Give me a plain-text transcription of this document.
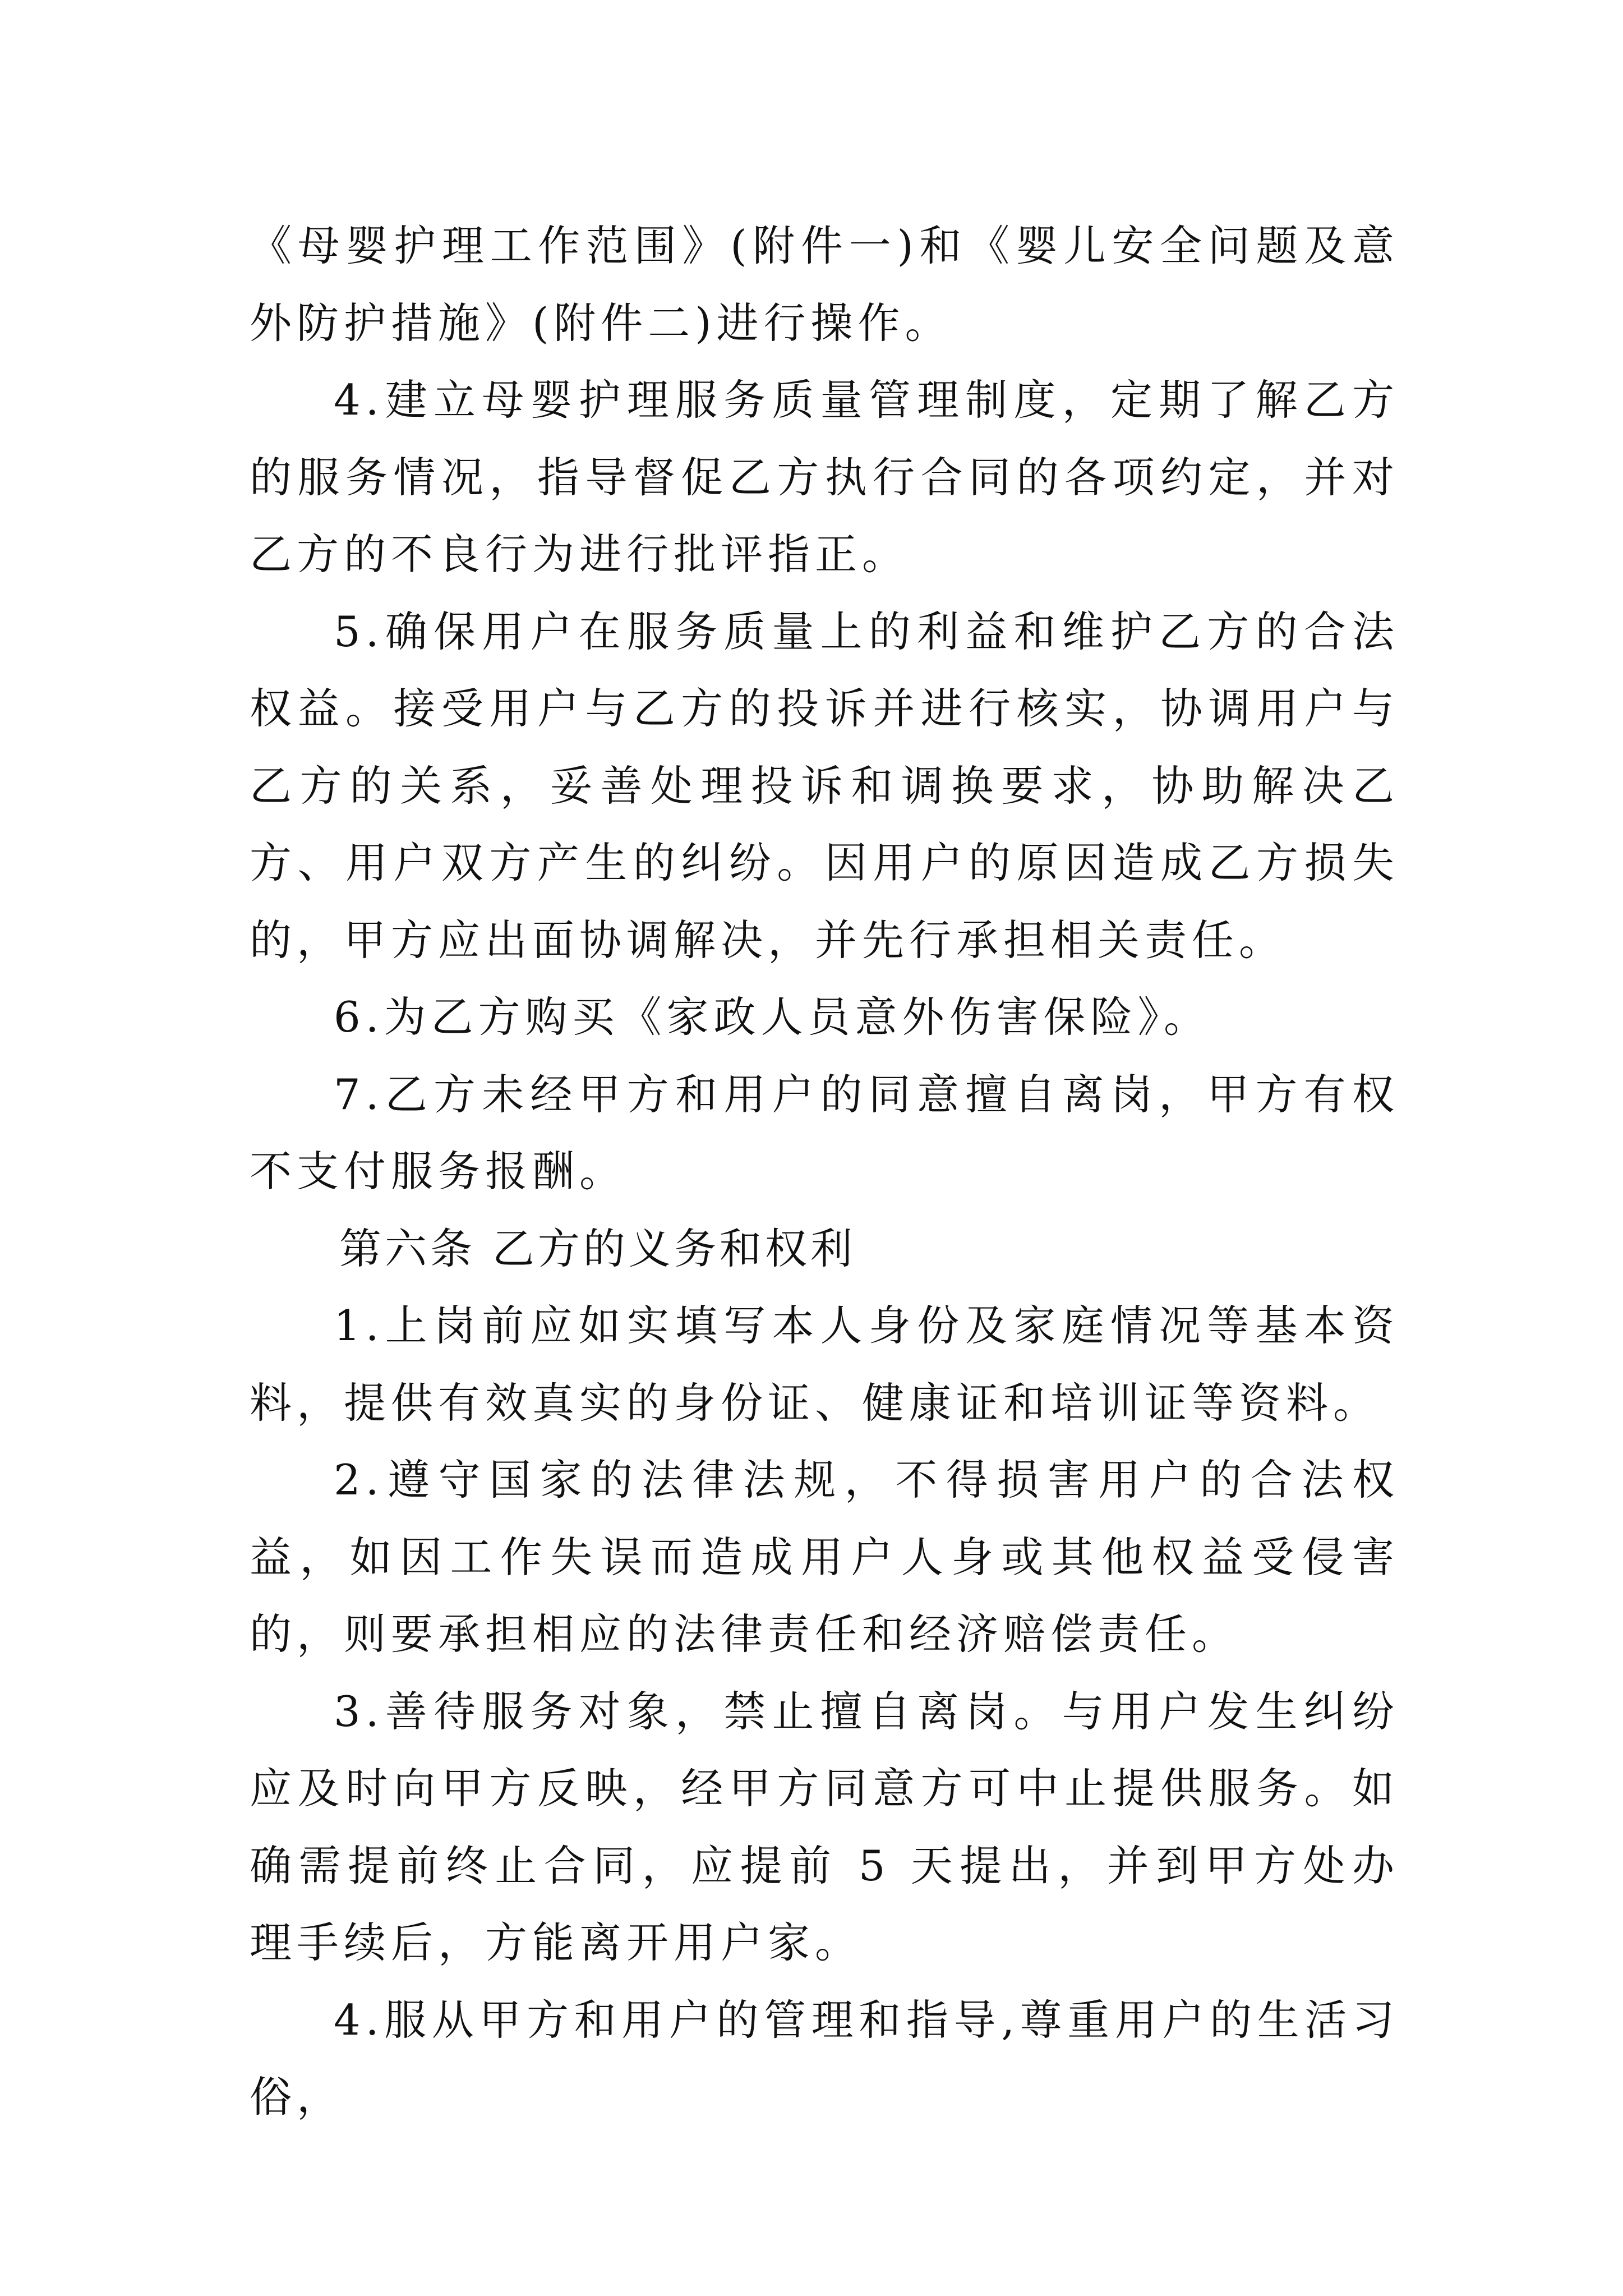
《母婴护理工作范围》(附件一)和《婴儿安全问题及意外防护措施》(附件二)进行操作。

4.建立母婴护理服务质量管理制度，定期了解乙方的服务情况，指导督促乙方执行合同的各项约定，并对乙方的不良行为进行批评指正。

5.确保用户在服务质量上的利益和维护乙方的合法权益。接受用户与乙方的投诉并进行核实，协调用户与乙方的关系，妥善处理投诉和调换要求，协助解决乙方、用户双方产生的纠纷。因用户的原因造成乙方损失的，甲方应出面协调解决，并先行承担相关责任。

6.为乙方购买《家政人员意外伤害保险》。

7.乙方未经甲方和用户的同意擅自离岗，甲方有权不支付服务报酬。

第六条 乙方的义务和权利

1.上岗前应如实填写本人身份及家庭情况等基本资料，提供有效真实的身份证、健康证和培训证等资料。

2.遵守国家的法律法规，不得损害用户的合法权益，如因工作失误而造成用户人身或其他权益受侵害的，则要承担相应的法律责任和经济赔偿责任。

3.善待服务对象，禁止擅自离岗。与用户发生纠纷应及时向甲方反映，经甲方同意方可中止提供服务。如确需提前终止合同，应提前 5 天提出，并到甲方处办理手续后，方能离开用户家。

4.服从甲方和用户的管理和指导,尊重用户的生活习俗，
